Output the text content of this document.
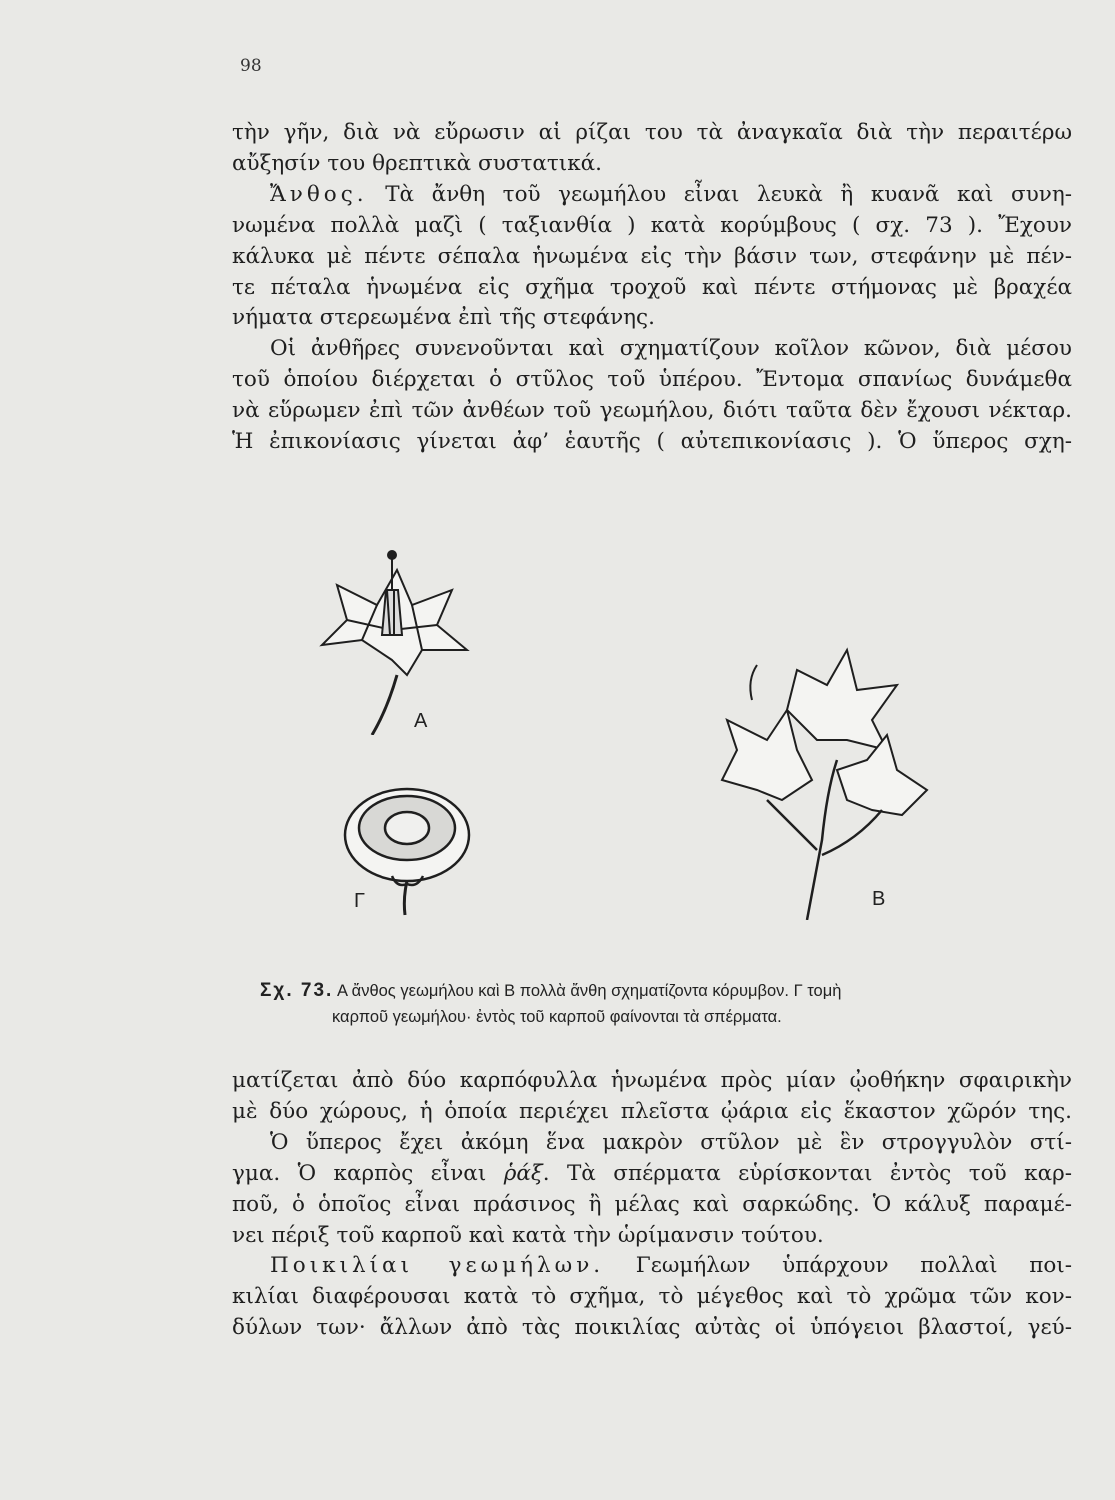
98
τὴν γῆν, διὰ νὰ εὔρωσιν αἱ ρίζαι του τὰ ἀναγκαῖα διὰ τὴν περαιτέρω
αὔξησίν του θρεπτικὰ συστατικά.
Ἄνθος. Τὰ ἄνθη τοῦ γεωμήλου εἶναι λευκὰ ἢ κυανᾶ καὶ συνη-
νωμένα πολλὰ μαζὶ ( ταξιανθία ) κατὰ κορύμβους ( σχ. 73 ). Ἔχουν
κάλυκα μὲ πέντε σέπαλα ἡνωμένα εἰς τὴν βάσιν των, στεφάνην μὲ πέν-
τε πέταλα ἡνωμένα εἰς σχῆμα τροχοῦ καὶ πέντε στήμονας μὲ βραχέα
νήματα στερεωμένα ἐπὶ τῆς στεφάνης.
Οἱ ἀνθῆρες συνενοῦνται καὶ σχηματίζουν κοῖλον κῶνον, διὰ μέσου
τοῦ ὁποίου διέρχεται ὁ στῦλος τοῦ ὑπέρου. Ἔντομα σπανίως δυνάμεθα
νὰ εὕρωμεν ἐπὶ τῶν ἀνθέων τοῦ γεωμήλου, διότι ταῦτα δὲν ἔχουσι νέκταρ.
Ἡ ἐπικονίασις γίνεται ἀφ’ ἑαυτῆς ( αὐτεπικονίασις ). Ὁ ὕπερος σχη-
Α
Γ	Β
Σχ. 73. Α ἄνθος γεωμήλου καὶ Β πολλὰ ἄνθη σχηματίζοντα κόρυμβον. Γ τομὴ
καρποῦ γεωμήλου· ἐντὸς τοῦ καρποῦ φαίνονται τὰ σπέρματα.
ματίζεται ἀπὸ δύο καρπόφυλλα ἡνωμένα πρὸς μίαν ᾠοθήκην σφαιρικὴν
μὲ δύο χώρους, ἡ ὁποία περιέχει πλεῖστα ᾠάρια εἰς ἕκαστον χῶρόν της.
Ὁ ὕπερος ἔχει ἀκόμη ἕνα μακρὸν στῦλον μὲ ἓν στρογγυλὸν στί-
γμα. Ὁ καρπὸς εἶναι ῥάξ. Τὰ σπέρματα εὑρίσκονται ἐντὸς τοῦ καρ-
ποῦ, ὁ ὁποῖος εἶναι πράσινος ἢ μέλας καὶ σαρκώδης. Ὁ κάλυξ παραμέ-
νει πέριξ τοῦ καρποῦ καὶ κατὰ τὴν ὡρίμανσιν τούτου.
Ποικιλίαι γεωμήλων. Γεωμήλων ὑπάρχουν πολλαὶ ποι-
κιλίαι διαφέρουσαι κατὰ τὸ σχῆμα, τὸ μέγεθος καὶ τὸ χρῶμα τῶν κον-
δύλων των· ἄλλων ἀπὸ τὰς ποικιλίας αὐτὰς οἱ ὑπόγειοι βλαστοί, γεύ-
